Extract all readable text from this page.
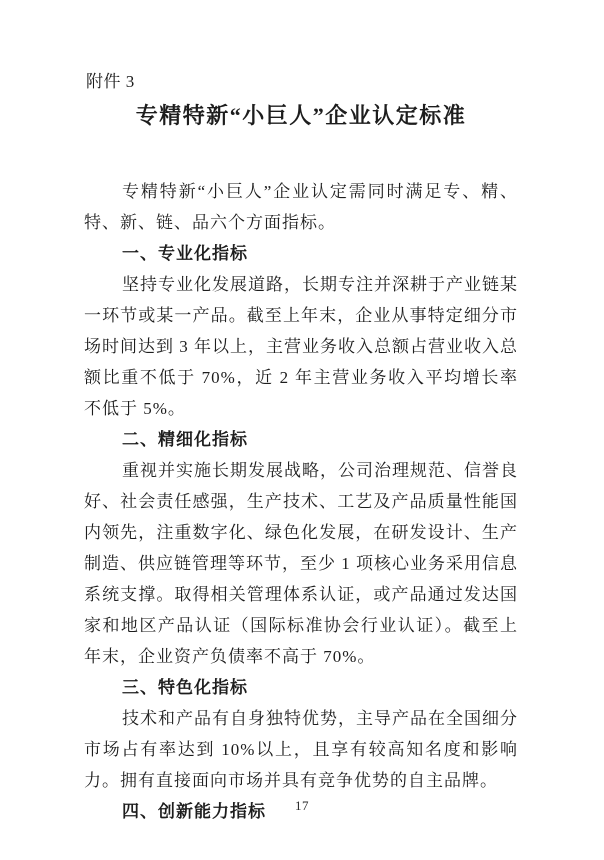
附件 3
专精特新“小巨人”企业认定标准

专精特新“小巨人”企业认定需同时满足专、精、特、新、链、品六个方面指标。

一、专业化指标

坚持专业化发展道路，长期专注并深耕于产业链某一环节或某一产品。截至上年末，企业从事特定细分市场时间达到 3 年以上，主营业务收入总额占营业收入总额比重不低于 70%，近 2 年主营业务收入平均增长率不低于 5%。

二、精细化指标

重视并实施长期发展战略，公司治理规范、信誉良好、社会责任感强，生产技术、工艺及产品质量性能国内领先，注重数字化、绿色化发展，在研发设计、生产制造、供应链管理等环节，至少 1 项核心业务采用信息系统支撑。取得相关管理体系认证，或产品通过发达国家和地区产品认证（国际标准协会行业认证）。截至上年末，企业资产负债率不高于 70%。

三、特色化指标

技术和产品有自身独特优势，主导产品在全国细分市场占有率达到 10%以上，且享有较高知名度和影响力。拥有直接面向市场并具有竞争优势的自主品牌。

四、创新能力指标	17
